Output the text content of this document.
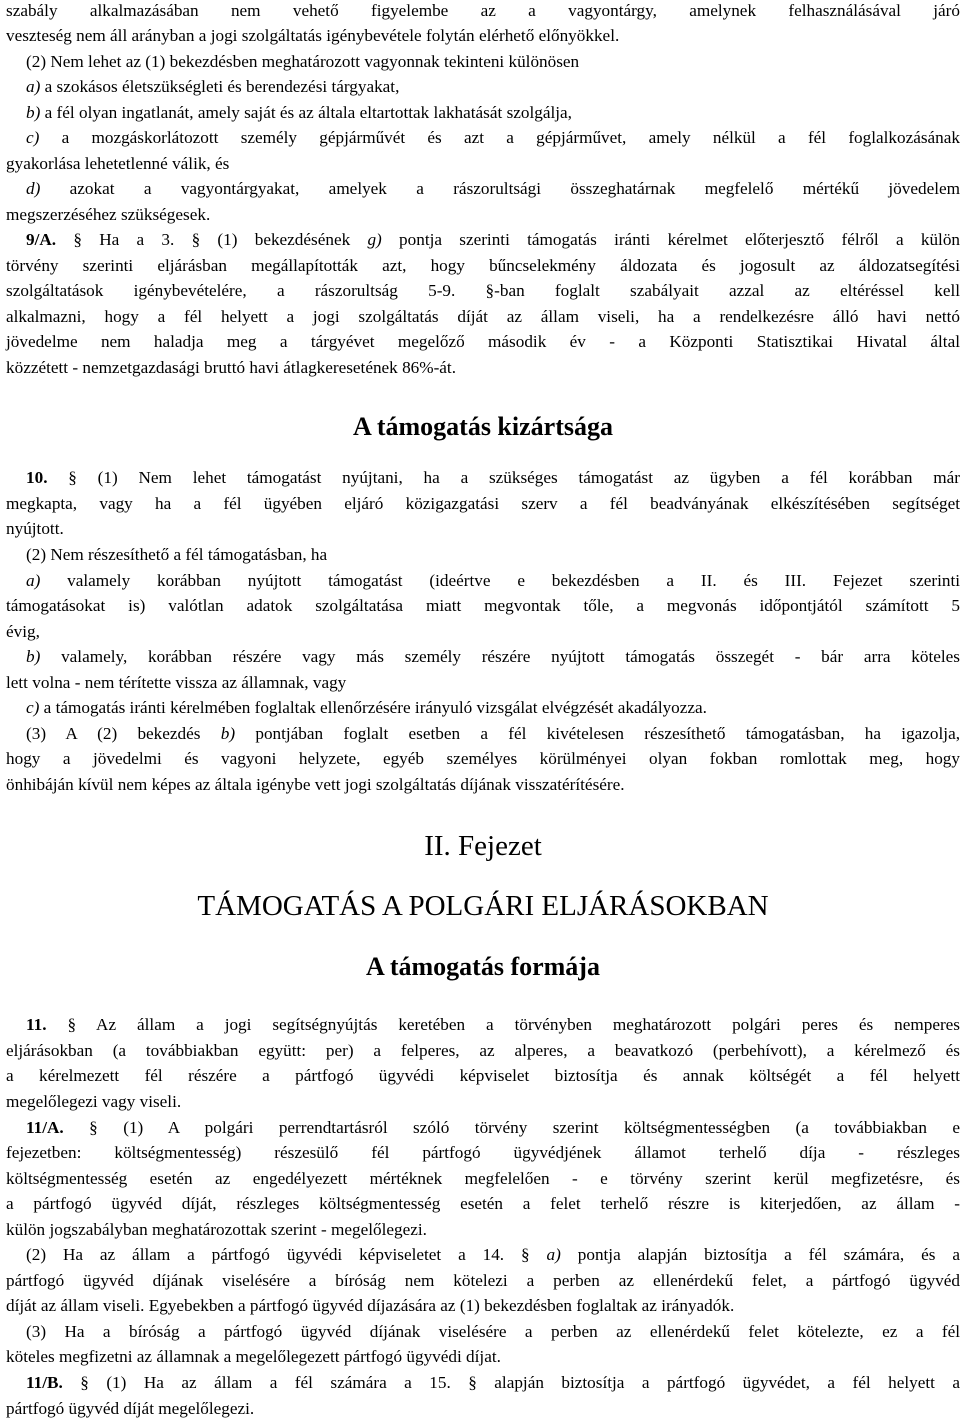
szabály alkalmazásában nem vehető figyelembe az a vagyontárgy, amelynek felhasználásával járó
veszteség nem áll arányban a jogi szolgáltatás igénybevétele folytán elérhető előnyökkel.
(2) Nem lehet az (1) bekezdésben meghatározott vagyonnak tekinteni különösen
a) a szokásos életszükségleti és berendezési tárgyakat,
b) a fél olyan ingatlanát, amely saját és az általa eltartottak lakhatását szolgálja,
c) a mozgáskorlátozott személy gépjárművét és azt a gépjárművet, amely nélkül a fél foglalkozásának
gyakorlása lehetetlenné válik, és
d) azokat a vagyontárgyakat, amelyek a rászorultsági összeghatárnak megfelelő mértékű jövedelem
megszerzéséhez szükségesek.
9/A. § Ha a 3. § (1) bekezdésének g) pontja szerinti támogatás iránti kérelmet előterjesztő félről a külön
törvény szerinti eljárásban megállapították azt, hogy bűncselekmény áldozata és jogosult az áldozatsegítési
szolgáltatások igénybevételére, a rászorultság 5-9. §-ban foglalt szabályait azzal az eltéréssel kell
alkalmazni, hogy a fél helyett a jogi szolgáltatás díját az állam viseli, ha a rendelkezésre álló havi nettó
jövedelme nem haladja meg a tárgyévet megelőző második év - a Központi Statisztikai Hivatal által
közzétett - nemzetgazdasági bruttó havi átlagkeresetének 86%-át.
A támogatás kizártsága
10. § (1) Nem lehet támogatást nyújtani, ha a szükséges támogatást az ügyben a fél korábban már
megkapta, vagy ha a fél ügyében eljáró közigazgatási szerv a fél beadványának elkészítésében segítséget
nyújtott.
(2) Nem részesíthető a fél támogatásban, ha
a) valamely korábban nyújtott támogatást (ideértve e bekezdésben a II. és III. Fejezet szerinti
támogatásokat is) valótlan adatok szolgáltatása miatt megvontak tőle, a megvonás időpontjától számított 5
évig,
b) valamely, korábban részére vagy más személy részére nyújtott támogatás összegét - bár arra köteles
lett volna - nem térítette vissza az államnak, vagy
c) a támogatás iránti kérelmében foglaltak ellenőrzésére irányuló vizsgálat elvégzését akadályozza.
(3) A (2) bekezdés b) pontjában foglalt esetben a fél kivételesen részesíthető támogatásban, ha igazolja,
hogy a jövedelmi és vagyoni helyzete, egyéb személyes körülményei olyan fokban romlottak meg, hogy
önhibáján kívül nem képes az általa igénybe vett jogi szolgáltatás díjának visszatérítésére.
II. Fejezet
TÁMOGATÁS A POLGÁRI ELJÁRÁSOKBAN
A támogatás formája
11. § Az állam a jogi segítségnyújtás keretében a törvényben meghatározott polgári peres és nemperes
eljárásokban (a továbbiakban együtt: per) a felperes, az alperes, a beavatkozó (perbehívott), a kérelmező és
a kérelmezett fél részére a pártfogó ügyvédi képviselet biztosítja és annak költségét a fél helyett
megelőlegezi vagy viseli.
11/A. § (1) A polgári perrendtartásról szóló törvény szerint költségmentességben (a továbbiakban e
fejezetben: költségmentesség) részesülő fél pártfogó ügyvédjének államot terhelő díja - részleges
költségmentesség esetén az engedélyezett mértéknek megfelelően - e törvény szerint kerül megfizetésre, és
a pártfogó ügyvéd díját, részleges költségmentesség esetén a felet terhelő részre is kiterjedően, az állam -
külön jogszabályban meghatározottak szerint - megelőlegezi.
(2) Ha az állam a pártfogó ügyvédi képviseletet a 14. § a) pontja alapján biztosítja a fél számára, és a
pártfogó ügyvéd díjának viselésére a bíróság nem kötelezi a perben az ellenérdekű felet, a pártfogó ügyvéd
díját az állam viseli. Egyebekben a pártfogó ügyvéd díjazására az (1) bekezdésben foglaltak az irányadók.
(3) Ha a bíróság a pártfogó ügyvéd díjának viselésére a perben az ellenérdekű felet kötelezte, ez a fél
köteles megfizetni az államnak a megelőlegezett pártfogó ügyvédi díjat.
11/B. § (1) Ha az állam a fél számára a 15. § alapján biztosítja a pártfogó ügyvédet, a fél helyett a
pártfogó ügyvéd díját megelőlegezi.
